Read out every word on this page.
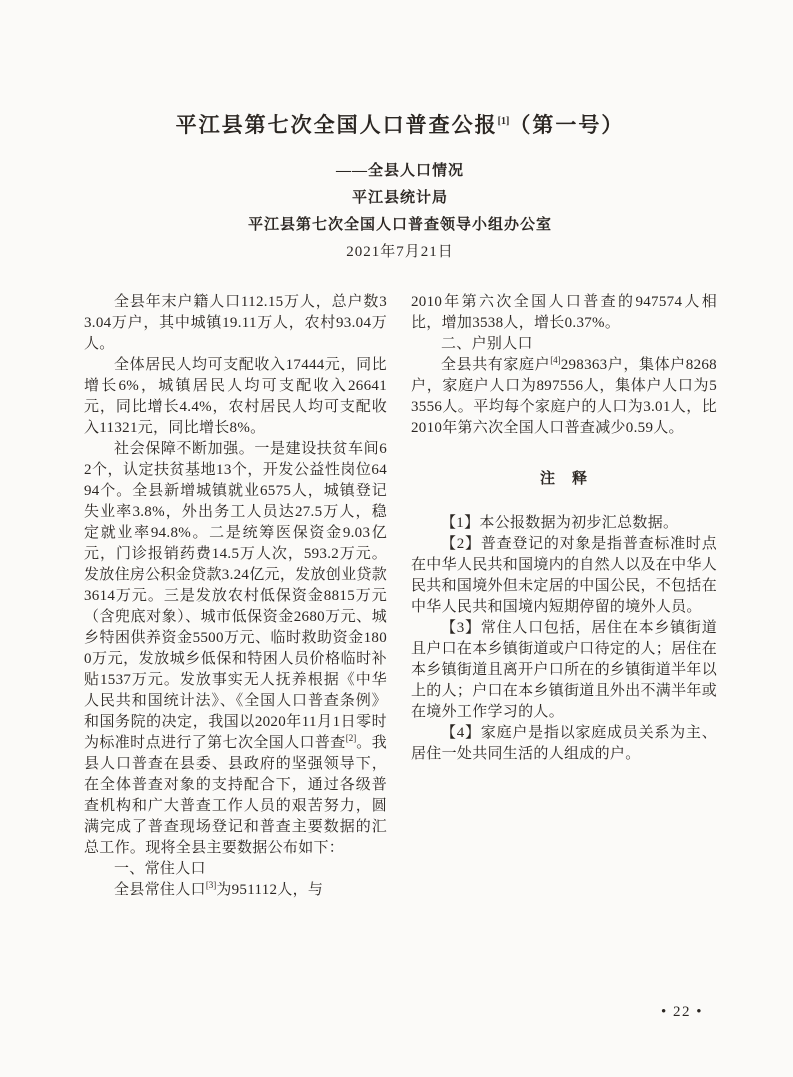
平江县第七次全国人口普查公报[1]（第一号）
——全县人口情况
平江县统计局
平江县第七次全国人口普查领导小组办公室
2021年7月21日

全县年末户籍人口112.15万人，总户数33.04万户，其中城镇19.11万人，农村93.04万人。

全体居民人均可支配收入17444元，同比增长6%，城镇居民人均可支配收入26641元，同比增长4.4%，农村居民人均可支配收入11321元，同比增长8%。

社会保障不断加强。一是建设扶贫车间62个，认定扶贫基地13个，开发公益性岗位6494个。全县新增城镇就业6575人，城镇登记失业率3.8%，外出务工人员达27.5万人，稳定就业率94.8%。二是统筹医保资金9.03亿元，门诊报销药费14.5万人次，593.2万元。发放住房公积金贷款3.24亿元，发放创业贷款3614万元。三是发放农村低保资金8815万元（含兜底对象）、城市低保资金2680万元、城乡特困供养资金5500万元、临时救助资金1800万元，发放城乡低保和特困人员价格临时补贴1537万元。发放事实无人抚养根据《中华人民共和国统计法》、《全国人口普查条例》和国务院的决定，我国以2020年11月1日零时为标准时点进行了第七次全国人口普查[2]。我县人口普查在县委、县政府的坚强领导下，在全体普查对象的支持配合下，通过各级普查机构和广大普查工作人员的艰苦努力，圆满完成了普查现场登记和普查主要数据的汇总工作。现将全县主要数据公布如下：

一、常住人口

全县常住人口[3]为951112人，与

2010年第六次全国人口普查的947574人相比，增加3538人，增长0.37%。

二、户别人口

全县共有家庭户[4]298363户，集体户8268户，家庭户人口为897556人，集体户人口为53556人。平均每个家庭户的人口为3.01人，比2010年第六次全国人口普查减少0.59人。

注　释

【1】本公报数据为初步汇总数据。

【2】普查登记的对象是指普查标准时点在中华人民共和国境内的自然人以及在中华人民共和国境外但未定居的中国公民，不包括在中华人民共和国境内短期停留的境外人员。

【3】常住人口包括，居住在本乡镇街道且户口在本乡镇街道或户口待定的人；居住在本乡镇街道且离开户口所在的乡镇街道半年以上的人；户口在本乡镇街道且外出不满半年或在境外工作学习的人。

【4】家庭户是指以家庭成员关系为主、居住一处共同生活的人组成的户。

• 22 •
